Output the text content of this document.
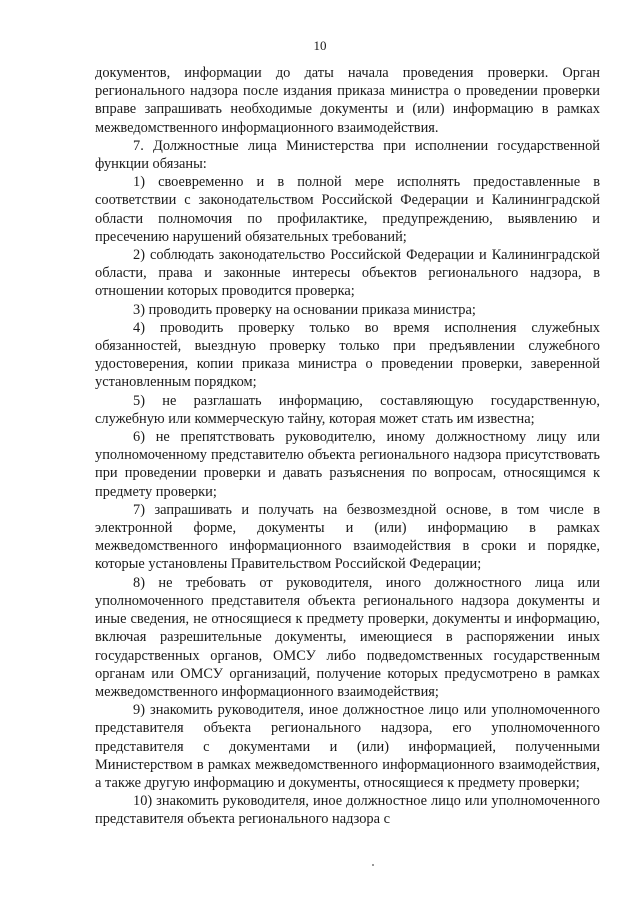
10

документов, информации до даты начала проведения проверки. Орган регионального надзора после издания приказа министра о проведении проверки вправе запрашивать необходимые документы и (или) информацию в рамках межведомственного информационного взаимодействия.

7. Должностные лица Министерства при исполнении государственной функции обязаны:

1) своевременно и в полной мере исполнять предоставленные в соответствии с законодательством Российской Федерации и Калининградской области полномочия по профилактике, предупреждению, выявлению и пресечению нарушений обязательных требований;

2) соблюдать законодательство Российской Федерации и Калининградской области, права и законные интересы объектов регионального надзора, в отношении которых проводится проверка;

3) проводить проверку на основании приказа министра;

4) проводить проверку только во время исполнения служебных обязанностей, выездную проверку только при предъявлении служебного удостоверения, копии приказа министра о проведении проверки, заверенной установленным порядком;

5) не разглашать информацию, составляющую государственную, служебную или коммерческую тайну, которая может стать им известна;

6) не препятствовать руководителю, иному должностному лицу или уполномоченному представителю объекта регионального надзора присутствовать при проведении проверки и давать разъяснения по вопросам, относящимся к предмету проверки;

7) запрашивать и получать на безвозмездной основе, в том числе в электронной форме, документы и (или) информацию в рамках межведомственного информационного взаимодействия в сроки и порядке, которые установлены Правительством Российской Федерации;

8) не требовать от руководителя, иного должностного лица или уполномоченного представителя объекта регионального надзора документы и иные сведения, не относящиеся к предмету проверки, документы и информацию, включая разрешительные документы, имеющиеся в распоряжении иных государственных органов, ОМСУ либо подведомственных государственным органам или ОМСУ организаций, получение которых предусмотрено в рамках межведомственного информационного взаимодействия;

9) знакомить руководителя, иное должностное лицо или уполномоченного представителя объекта регионального надзора, его уполномоченного представителя с документами и (или) информацией, полученными Министерством в рамках межведомственного информационного взаимодействия, а также другую информацию и документы, относящиеся к предмету проверки;

10) знакомить руководителя, иное должностное лицо или уполномоченного представителя объекта регионального надзора с
